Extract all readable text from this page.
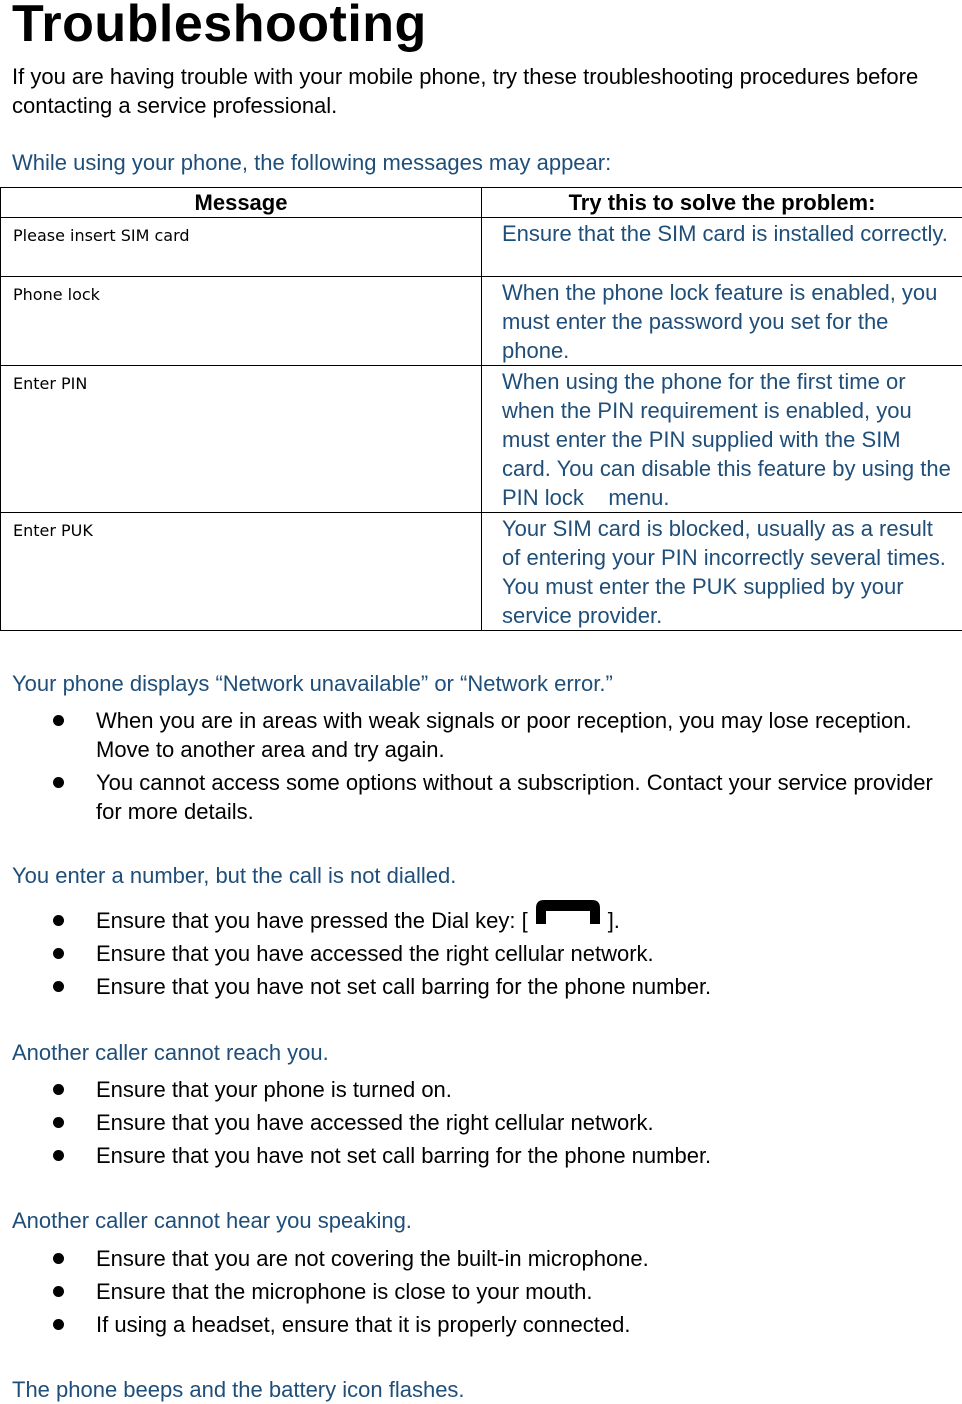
Troubleshooting

If you are having trouble with your mobile phone, try these troubleshooting procedures before contacting a service professional.

While using your phone, the following messages may appear:
Message	Try this to solve the problem:
Please insert SIM card	Ensure that the SIM card is installed correctly.
Phone lock	When the phone lock feature is enabled, you must enter the password you set for the phone.
Enter PIN	When using the phone for the first time or when the PIN requirement is enabled, you must enter the PIN supplied with the SIM card. You can disable this feature by using the PIN lock    menu.
Enter PUK	Your SIM card is blocked, usually as a result of entering your PIN incorrectly several times. You must enter the PUK supplied by your service provider.
Your phone displays “Network unavailable” or “Network error.”
When you are in areas with weak signals or poor reception, you may lose reception. Move to another area and try again.
You cannot access some options without a subscription. Contact your service provider for more details.
You enter a number, but the call is not dialled.
Ensure that you have pressed the Dial key: [	].
Ensure that you have accessed the right cellular network.
Ensure that you have not set call barring for the phone number.
Another caller cannot reach you.
Ensure that your phone is turned on.
Ensure that you have accessed the right cellular network.
Ensure that you have not set call barring for the phone number.
Another caller cannot hear you speaking.
Ensure that you are not covering the built-in microphone.
Ensure that the microphone is close to your mouth.
If using a headset, ensure that it is properly connected.
The phone beeps and the battery icon flashes.
